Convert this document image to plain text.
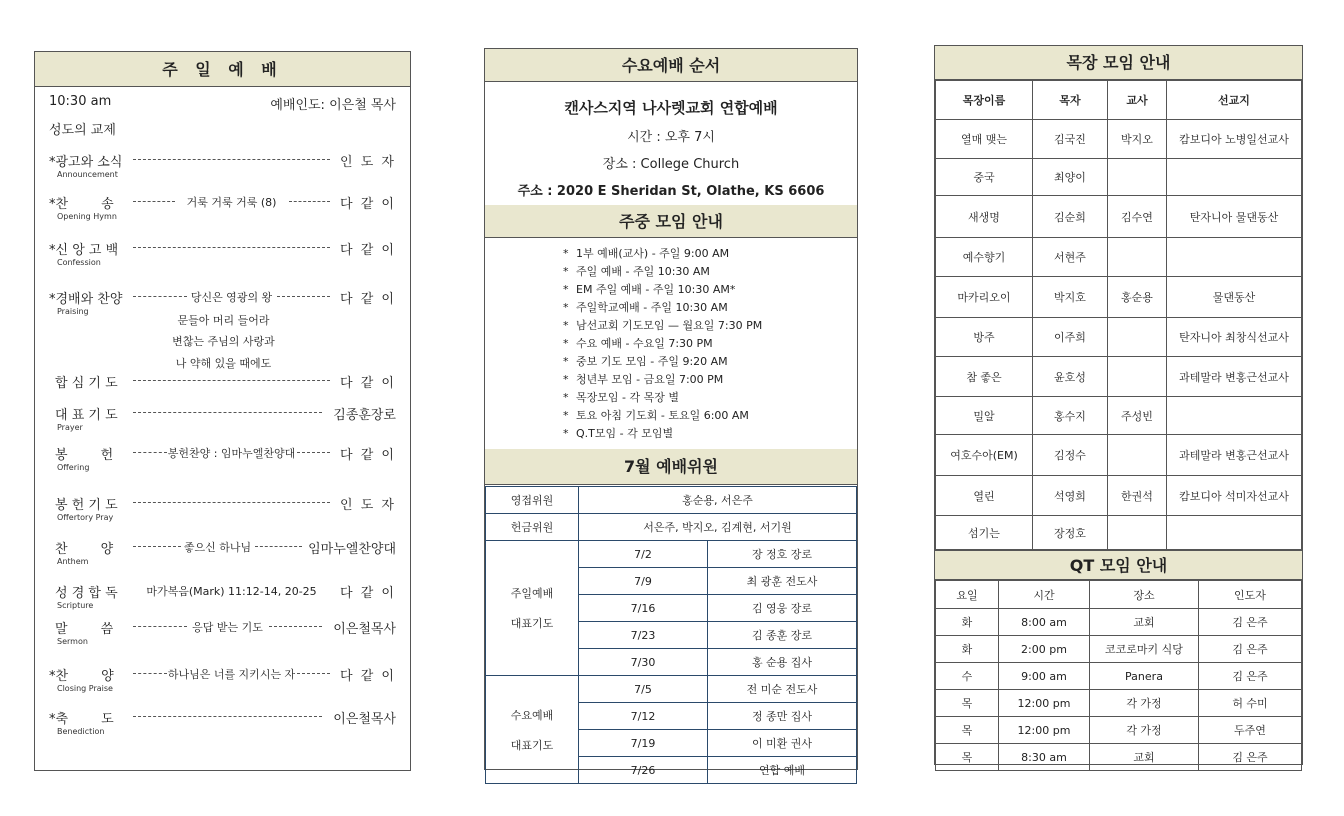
주 일 예 배
10:30 am	예배인도: 이은철 목사
성도의 교제
*광고와 소식	인 도 자
Announcement
*찬        송	다 같 이
거룩 거룩 거룩 (8)
Opening Hymn
*신 앙 고 백	다 같 이
Confession
*경배와 찬양	다 같 이
당신은 영광의 왕
Praising
합 심 기 도	다 같 이
대 표 기 도	김종훈장로
Prayer
봉        헌	다 같 이
봉헌찬양 : 임마누엘찬양대
Offering
봉 헌 기 도	인 도 자
Offertory Pray
찬        양	임마누엘찬양대
좋으신 하나님
Anthem
성 경 합 독	다 같 이
마가복음(Mark) 11:12-14, 20-25
Scripture
말        씀	이은철목사
응답 받는 기도
Sermon
*찬        양	다 같 이
하나님은 너를 지키시는 자
Closing Praise
*축        도	이은철목사
Benediction
문들아 머리 들어라
변찮는 주님의 사랑과
나 약해 있을 때에도
수요예배 순서
캔사스지역 나사렛교회 연합예배
시간 : 오후 7시
장소 : College Church
주소 : 2020 E Sheridan St, Olathe, KS 6606
주중 모임 안내
* 1부 예배(교사) - 주일 9:00 AM
* 주일 예배 - 주일 10:30 AM
* EM 주일 예배 - 주일 10:30 AM*
* 주일학교예배 - 주일 10:30 AM
* 남선교회 기도모임 — 월요일 7:30 PM
* 수요 예배 - 수요일 7:30 PM
* 중보 기도 모임 - 주일 9:20 AM
* 청년부 모임 - 금요일 7:00 PM
* 목장모임 - 각 목장 별
* 토요 아침 기도회 - 토요일 6:00 AM
* Q.T모임 - 각 모임별
7월 예배위원
영접위원	홍순용, 서은주	
헌금위원	서은주, 박지오, 김계현, 서기원	

주일예배
대표기도	7/2	장 정호 장로
	7/9	최 광훈 전도사
	7/16	김 영웅 장로
	7/23	김 종훈 장로
	7/30	홍 순용 집사

수요예배
대표기도	7/5	전 미순 전도사
	7/12	정 종만 집사
	7/19	이 미환 권사
	7/26	연합 예배
목장 모임 안내
목장이름	목자	교사	선교지
열매 맺는	김국진	박지오	캄보디아 노병일선교사
중국	최양이		
새생명	김순희	김수연	탄자니아 물댄동산
예수향기	서현주		
마카리오이	박지호	홍순용	물댄동산
방주	이주희		탄자니아 최창식선교사
참 좋은	윤호성		과테말라 변홍근선교사
밀알	홍수지	주성빈	
여호수아(EM)	김정수		과테말라 변홍근선교사
열린	석영희	한권석	캄보디아 석미자선교사
섬기는	장정호		
QT 모임 안내
요일	시간	장소	인도자
화	8:00 am	교회	김 은주
화	2:00 pm	코코로마키 식당	김 은주
수	9:00 am	Panera	김 은주
목	12:00 pm	각 가정	허 수미
목	12:00 pm	각 가정	두주연
목	8:30 am	교회	김 은주
